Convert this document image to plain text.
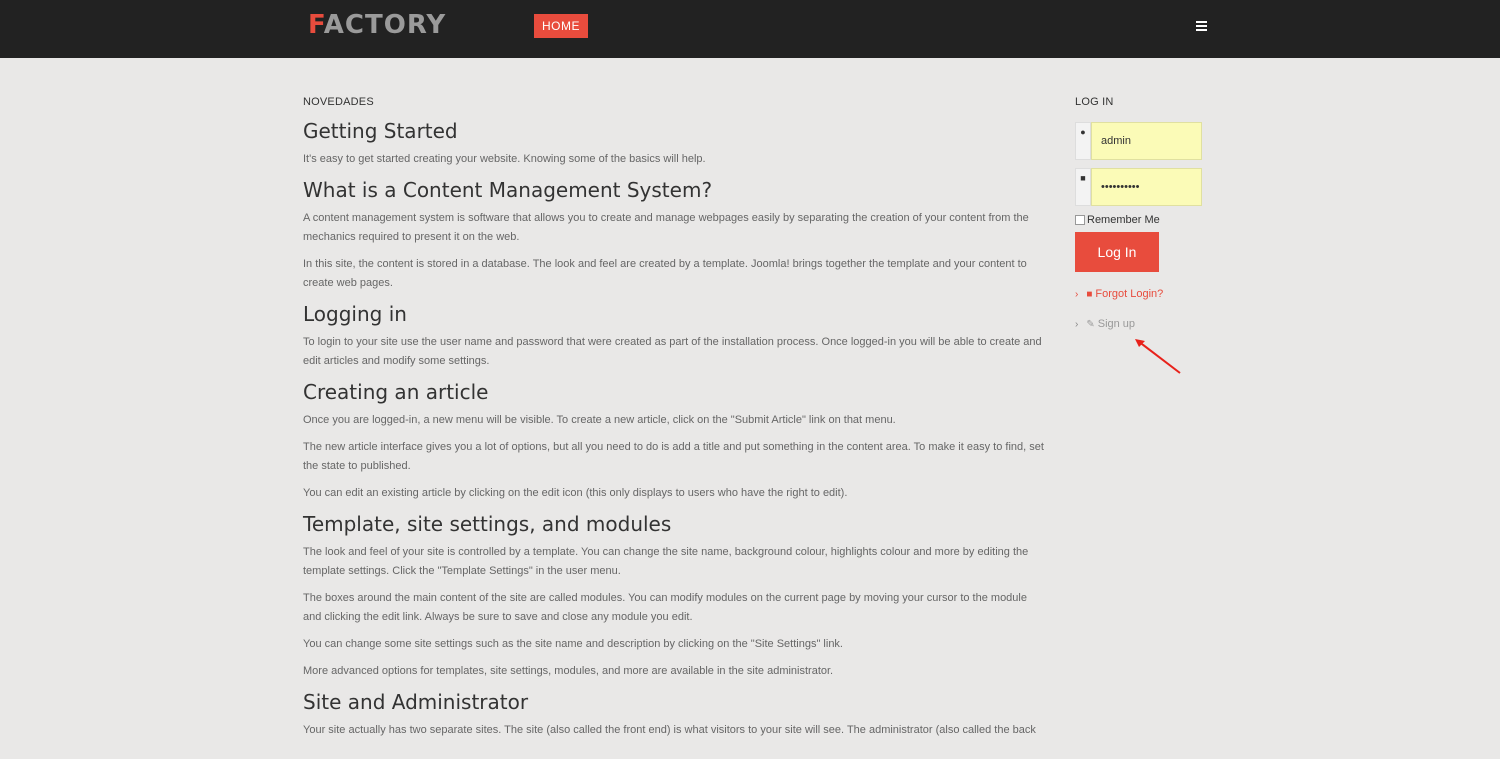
FACTORY	HOME
NOVEDADES
Getting Started

It's easy to get started creating your website. Knowing some of the basics will help.

What is a Content Management System?

A content management system is software that allows you to create and manage webpages easily by separating the creation of your content from the mechanics required to present it on the web.

In this site, the content is stored in a database. The look and feel are created by a template. Joomla! brings together the template and your content to create web pages.

Logging in

To login to your site use the user name and password that were created as part of the installation process. Once logged-in you will be able to create and edit articles and modify some settings.

Creating an article

Once you are logged-in, a new menu will be visible. To create a new article, click on the "Submit Article" link on that menu.

The new article interface gives you a lot of options, but all you need to do is add a title and put something in the content area. To make it easy to find, set the state to published.

You can edit an existing article by clicking on the edit icon (this only displays to users who have the right to edit).

Template, site settings, and modules

The look and feel of your site is controlled by a template. You can change the site name, background colour, highlights colour and more by editing the template settings. Click the "Template Settings" in the user menu.

The boxes around the main content of the site are called modules. You can modify modules on the current page by moving your cursor to the module and clicking the edit link. Always be sure to save and close any module you edit.

You can change some site settings such as the site name and description by clicking on the "Site Settings" link.

More advanced options for templates, site settings, modules, and more are available in the site administrator.

Site and Administrator

Your site actually has two separate sites. The site (also called the front end) is what visitors to your site will see. The administrator (also called the back

LOG IN
●
admin
■
••••••••••
Remember Me
Log In
› ■ Forgot Login?
› ✎ Sign up
